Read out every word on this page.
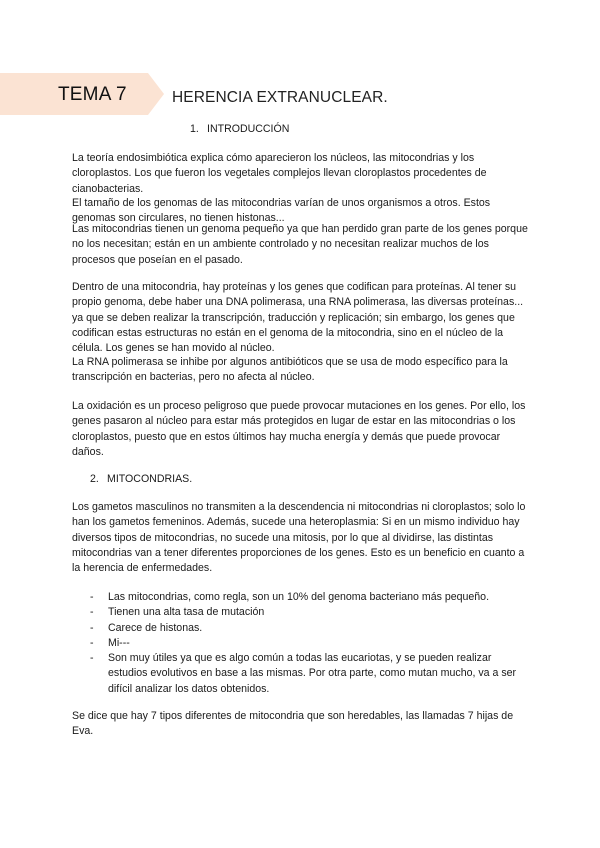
TEMA 7	HERENCIA EXTRANUCLEAR.
1. INTRODUCCIÓN

La teoría endosimbiótica explica cómo aparecieron los núcleos, las mitocondrias y los cloroplastos. Los que fueron los vegetales complejos llevan cloroplastos procedentes de cianobacterias.

El tamaño de los genomas de las mitocondrias varían de unos organismos a otros. Estos genomas son circulares, no tienen histonas...

Las mitocondrias tienen un genoma pequeño ya que han perdido gran parte de los genes porque no los necesitan; están en un ambiente controlado y no necesitan realizar muchos de los procesos que poseían en el pasado.

Dentro de una mitocondria, hay proteínas y los genes que codifican para proteínas. Al tener su propio genoma, debe haber una DNA polimerasa, una RNA polimerasa, las diversas proteínas... ya que se deben realizar la transcripción, traducción y replicación; sin embargo, los genes que codifican estas estructuras no están en el genoma de la mitocondria, sino en el núcleo de la célula. Los genes se han movido al núcleo.

La RNA polimerasa se inhibe por algunos antibióticos que se usa de modo específico para la transcripción en bacterias, pero no afecta al núcleo.

La oxidación es un proceso peligroso que puede provocar mutaciones en los genes. Por ello, los genes pasaron al núcleo para estar más protegidos en lugar de estar en las mitocondrias o los cloroplastos, puesto que en estos últimos hay mucha energía y demás que puede provocar daños.

2. MITOCONDRIAS.

Los gametos masculinos no transmiten a la descendencia ni mitocondrias ni cloroplastos; solo lo han los gametos femeninos. Además, sucede una heteroplasmia: Si en un mismo individuo hay diversos tipos de mitocondrias, no sucede una mitosis, por lo que al dividirse, las distintas mitocondrias van a tener diferentes proporciones de los genes. Esto es un beneficio en cuanto a la herencia de enfermedades.

- Las mitocondrias, como regla, son un 10% del genoma bacteriano más pequeño.
- Tienen una alta tasa de mutación
- Carece de histonas.
- Mi---
- Son muy útiles ya que es algo común a todas las eucariotas, y se pueden realizar estudios evolutivos en base a las mismas. Por otra parte, como mutan mucho, va a ser difícil analizar los datos obtenidos.

Se dice que hay 7 tipos diferentes de mitocondria que son heredables, las llamadas 7 hijas de Eva.
